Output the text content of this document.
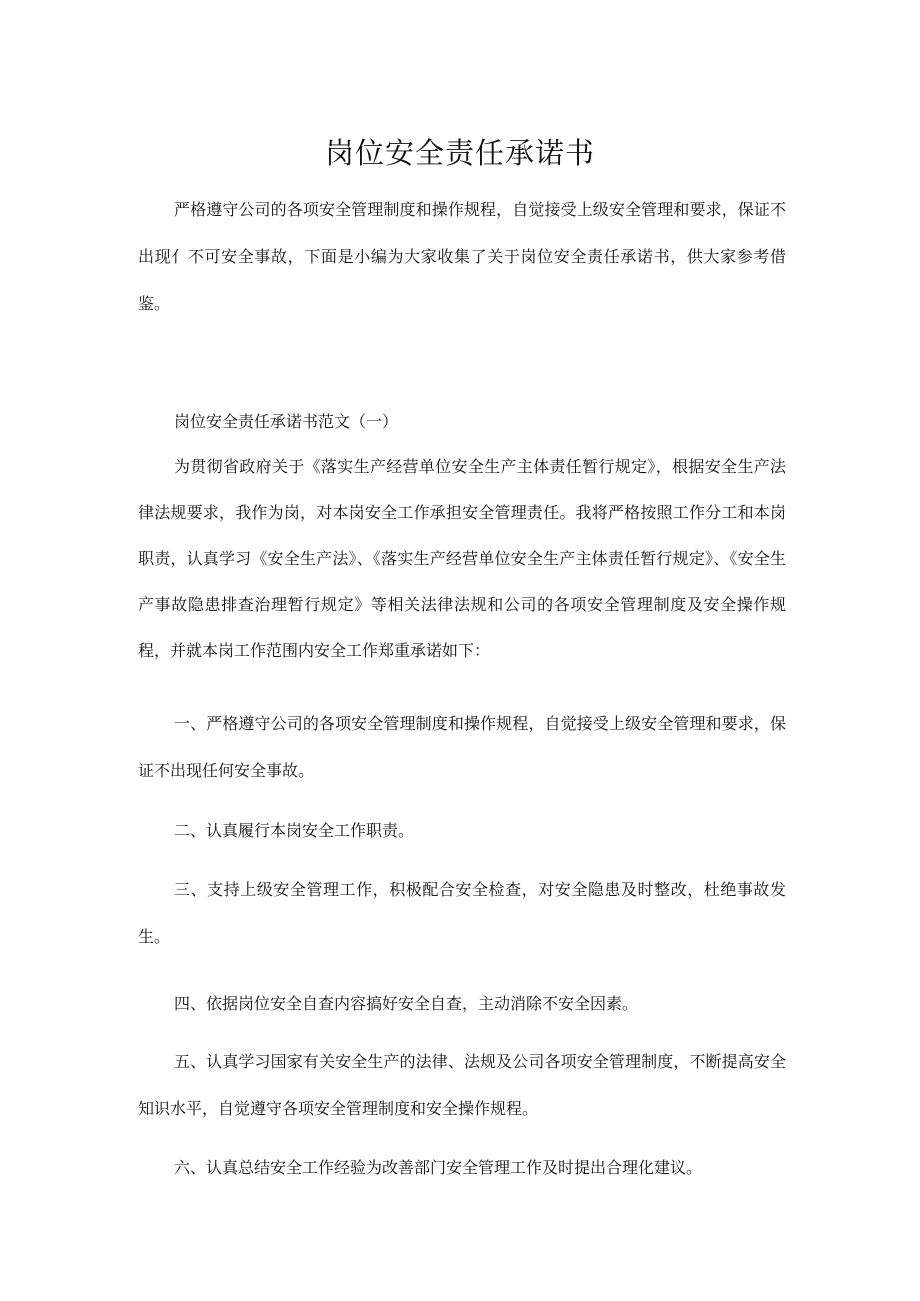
岗位安全责任承诺书

严格遵守公司的各项安全管理制度和操作规程，自觉接受上级安全管理和要求，保证不出现亻不可安全事故，下面是小编为大家收集了关于岗位安全责任承诺书，供大家参考借鉴。

岗位安全责任承诺书范文（一）

为贯彻省政府关于《落实生产经营单位安全生产主体责任暂行规定》，根据安全生产法律法规要求，我作为岗，对本岗安全工作承担安全管理责任。我将严格按照工作分工和本岗职责，认真学习《安全生产法》、《落实生产经营单位安全生产主体责任暂行规定》、《安全生产事故隐患排查治理暂行规定》等相关法律法规和公司的各项安全管理制度及安全操作规程，并就本岗工作范围内安全工作郑重承诺如下：

一、严格遵守公司的各项安全管理制度和操作规程，自觉接受上级安全管理和要求，保证不出现任何安全事故。

二、认真履行本岗安全工作职责。

三、支持上级安全管理工作，积极配合安全检查，对安全隐患及时整改，杜绝事故发生。

四、依据岗位安全自查内容搞好安全自查，主动消除不安全因素。

五、认真学习国家有关安全生产的法律、法规及公司各项安全管理制度，不断提高安全知识水平，自觉遵守各项安全管理制度和安全操作规程。

六、认真总结安全工作经验为改善部门安全管理工作及时提出合理化建议。
